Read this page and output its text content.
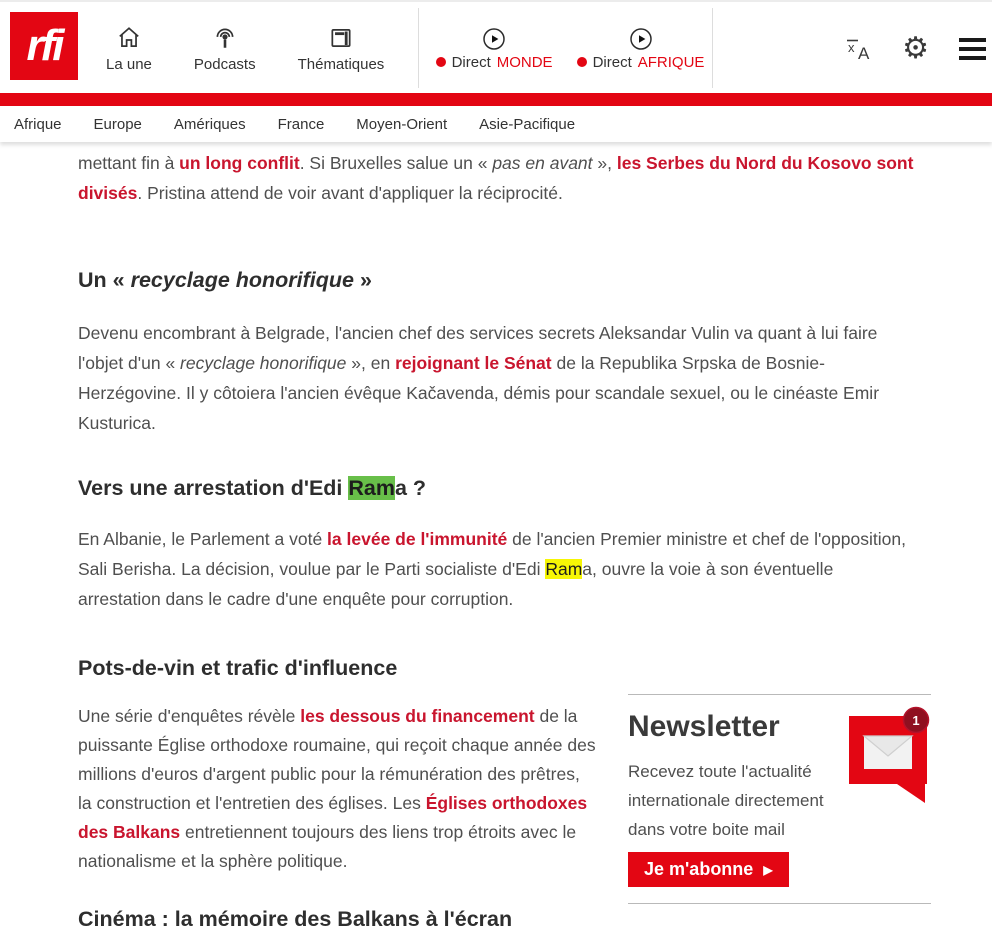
rfi	La une	Podcasts	Thématiques	Direct MONDE	Direct AFRIQUE
x A ⚙
Afrique Europe Amériques France Moyen-Orient Asie-Pacifique

mettant fin à un long conflit. Si Bruxelles salue un « pas en avant », les Serbes du Nord du Kosovo sont divisés. Pristina attend de voir avant d'appliquer la réciprocité.

Un « recyclage honorifique »

Devenu encombrant à Belgrade, l'ancien chef des services secrets Aleksandar Vulin va quant à lui faire l'objet d'un « recyclage honorifique », en rejoignant le Sénat de la Republika Srpska de Bosnie-Herzégovine. Il y côtoiera l'ancien évêque Kačavenda, démis pour scandale sexuel, ou le cinéaste Emir Kusturica.

Vers une arrestation d'Edi Rama ?

En Albanie, le Parlement a voté la levée de l'immunité de l'ancien Premier ministre et chef de l'opposition, Sali Berisha. La décision, voulue par le Parti socialiste d'Edi Rama, ouvre la voie à son éventuelle arrestation dans le cadre d'une enquête pour corruption.

Pots-de-vin et trafic d'influence

Une série d'enquêtes révèle les dessous du financement de la puissante Église orthodoxe roumaine, qui reçoit chaque année des millions d'euros d'argent public pour la rémunération des prêtres, la construction et l'entretien des églises. Les Églises orthodoxes des Balkans entretiennent toujours des liens trop étroits avec le nationalisme et la sphère politique.

Newsletter	1
Recevez toute l'actualité internationale directement dans votre boite mail
Je m'abonne ▶
Cinéma : la mémoire des Balkans à l'écran
